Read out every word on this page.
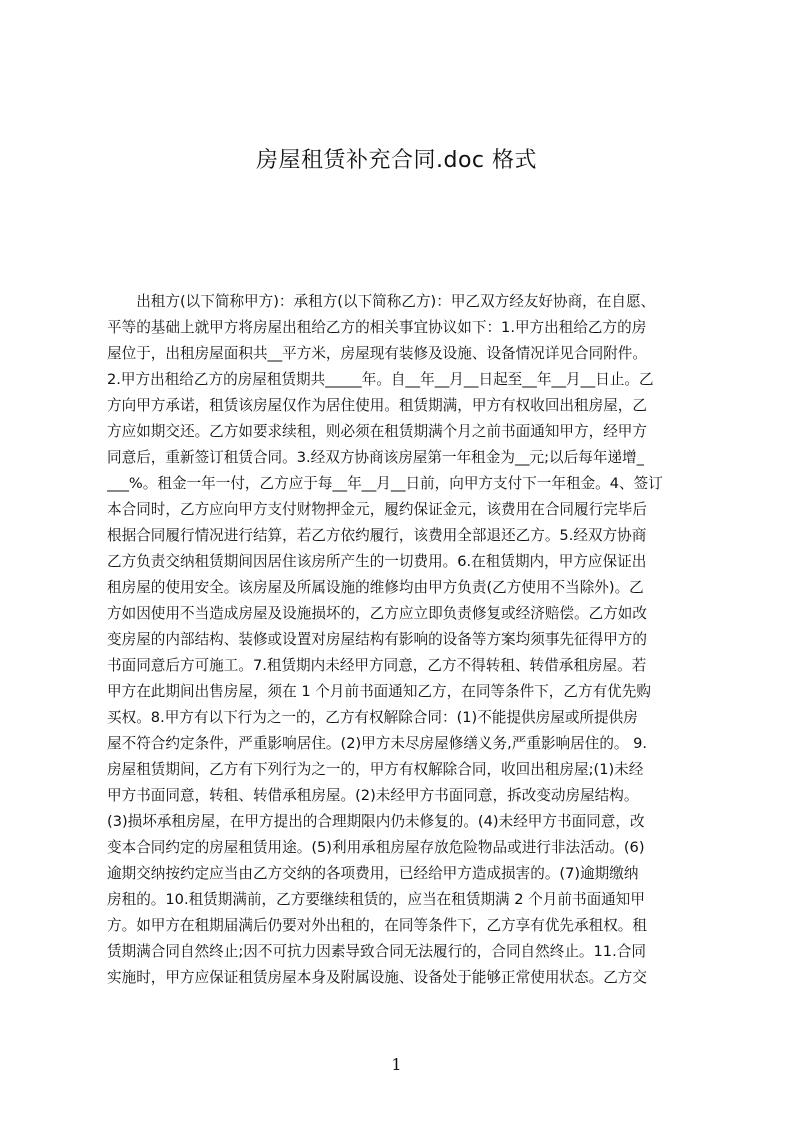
房屋租赁补充合同.doc 格式
　　出租方(以下简称甲方)：承租方(以下简称乙方)：甲乙双方经友好协商，在自愿、
平等的基础上就甲方将房屋出租给乙方的相关事宜协议如下：1.甲方出租给乙方的房
屋位于，出租房屋面积共__平方米，房屋现有装修及设施、设备情况详见合同附件。
2.甲方出租给乙方的房屋租赁期共_____年。自__年__月__日起至__年__月__日止。乙
方向甲方承诺，租赁该房屋仅作为居住使用。租赁期满，甲方有权收回出租房屋，乙
方应如期交还。乙方如要求续租，则必须在租赁期满个月之前书面通知甲方，经甲方
同意后，重新签订租赁合同。3.经双方协商该房屋第一年租金为__元;以后每年递增_
___%。租金一年一付，乙方应于每__年__月__日前，向甲方支付下一年租金。4、签订
本合同时，乙方应向甲方支付财物押金元，履约保证金元，该费用在合同履行完毕后
根据合同履行情况进行结算，若乙方依约履行，该费用全部退还乙方。5.经双方协商
乙方负责交纳租赁期间因居住该房所产生的一切费用。6.在租赁期内，甲方应保证出
租房屋的使用安全。该房屋及所属设施的维修均由甲方负责(乙方使用不当除外)。乙
方如因使用不当造成房屋及设施损坏的，乙方应立即负责修复或经济赔偿。乙方如改
变房屋的内部结构、装修或设置对房屋结构有影响的设备等方案均须事先征得甲方的
书面同意后方可施工。7.租赁期内未经甲方同意，乙方不得转租、转借承租房屋。若
甲方在此期间出售房屋，须在 1 个月前书面通知乙方，在同等条件下，乙方有优先购
买权。8.甲方有以下行为之一的，乙方有权解除合同：(1)不能提供房屋或所提供房
屋不符合约定条件，严重影响居住。(2)甲方未尽房屋修缮义务,严重影响居住的。 9.
房屋租赁期间，乙方有下列行为之一的，甲方有权解除合同，收回出租房屋;(1)未经
甲方书面同意，转租、转借承租房屋。(2)未经甲方书面同意，拆改变动房屋结构。
(3)损坏承租房屋，在甲方提出的合理期限内仍未修复的。(4)未经甲方书面同意，改
变本合同约定的房屋租赁用途。(5)利用承租房屋存放危险物品或进行非法活动。(6)
逾期交纳按约定应当由乙方交纳的各项费用，已经给甲方造成损害的。(7)逾期缴纳
房租的。10.租赁期满前，乙方要继续租赁的，应当在租赁期满 2 个月前书面通知甲
方。如甲方在租期届满后仍要对外出租的，在同等条件下，乙方享有优先承租权。租
赁期满合同自然终止;因不可抗力因素导致合同无法履行的，合同自然终止。11.合同
实施时，甲方应保证租赁房屋本身及附属设施、设备处于能够正常使用状态。乙方交
1
